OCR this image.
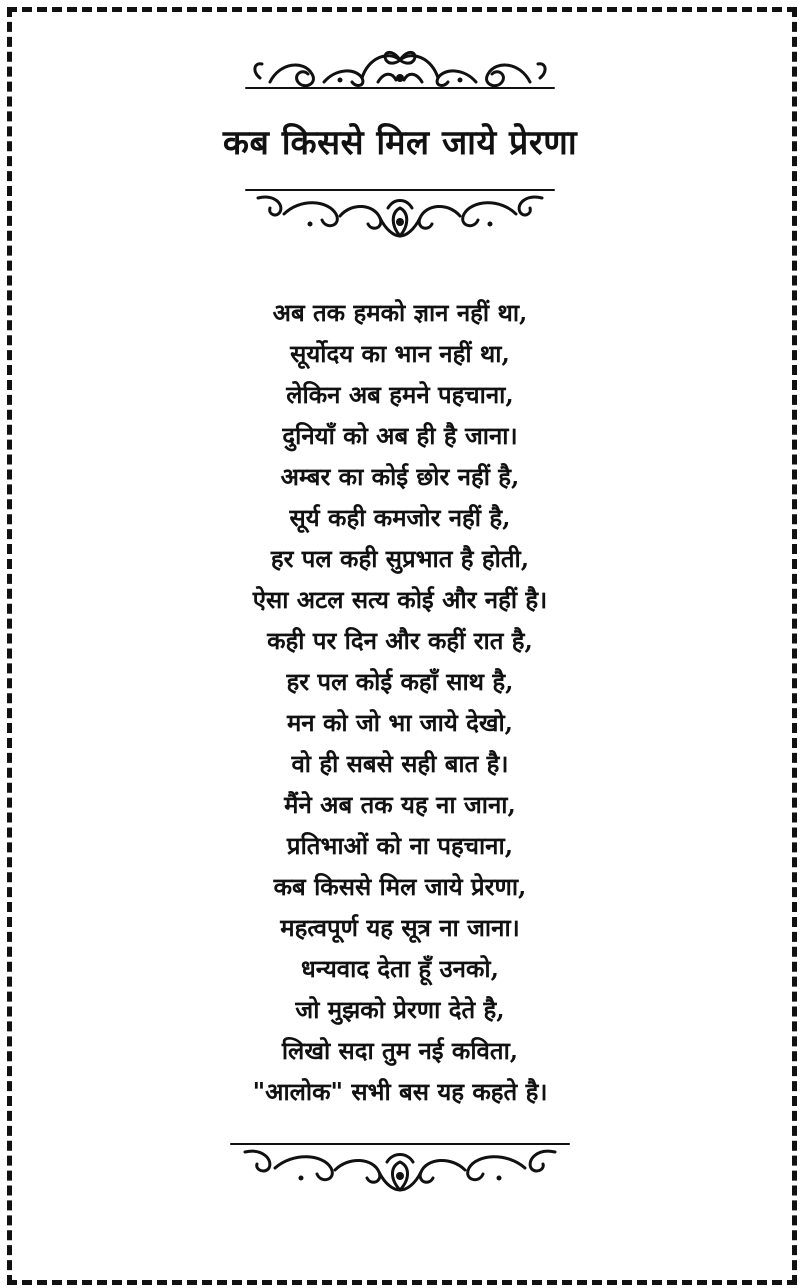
कब किससे मिल जाये प्रेरणा
अब तक हमको ज्ञान नहीं था,
सूर्योदय का भान नहीं था,
लेकिन अब हमने पहचाना,
दुनियाँ को अब ही है जाना।
अम्बर का कोई छोर नहीं है,
सूर्य कही कमजोर नहीं है,
हर पल कही सुप्रभात है होती,
ऐसा अटल सत्य कोई और नहीं है।
कही पर दिन और कहीं रात है,
हर पल कोई कहाँ साथ है,
मन को जो भा जाये देखो,
वो ही सबसे सही बात है।
मैंने अब तक यह ना जाना,
प्रतिभाओं को ना पहचाना,
कब किससे मिल जाये प्रेरणा,
महत्वपूर्ण यह सूत्र ना जाना।
धन्यवाद देता हूँ उनको,
जो मुझको प्रेरणा देते है,
लिखो सदा तुम नई कविता,
"आलोक" सभी बस यह कहते है।
